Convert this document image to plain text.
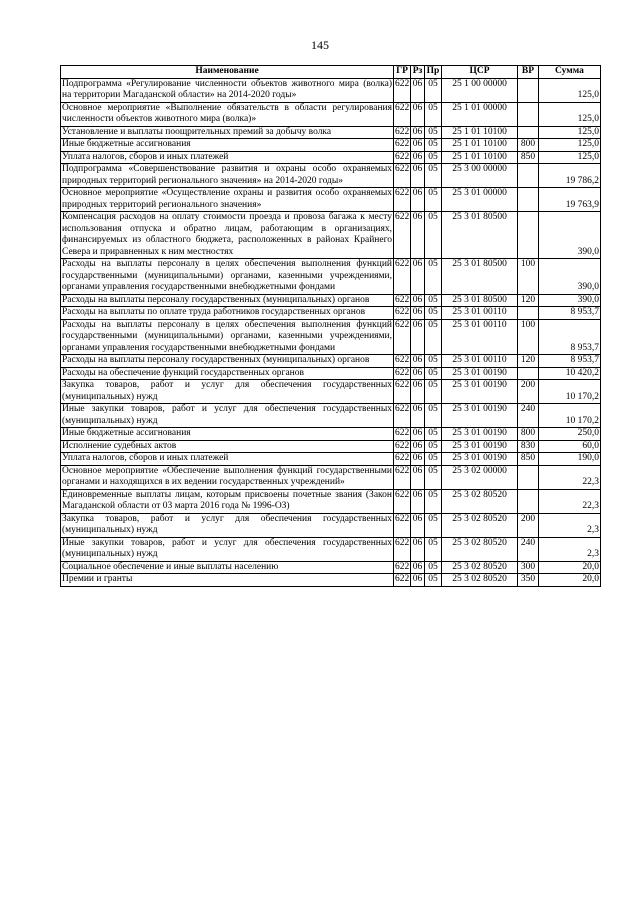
145
Наименование	ГР	Рз	Пр	ЦСР	ВР	Сумма
Подпрограмма «Регулирование численности объектов животного мира (волка) на территории Магаданской области» на 2014-2020 годы»	622	06	05	25 1 00 00000		125,0
Основное мероприятие «Выполнение обязательств в области регулирования численности объектов животного мира (волка)»	622	06	05	25 1 01 00000		125,0
Установление и выплаты поощрительных премий за добычу волка	622	06	05	25 1 01 10100		125,0
Иные бюджетные ассигнования	622	06	05	25 1 01 10100	800	125,0
Уплата налогов, сборов и иных платежей	622	06	05	25 1 01 10100	850	125,0
Подпрограмма «Совершенствование развития и охраны особо охраняемых природных территорий регионального значения» на 2014-2020 годы»	622	06	05	25 3 00 00000		19 786,2
Основное мероприятие «Осуществление охраны и развития особо охраняемых природных территорий регионального значения»	622	06	05	25 3 01 00000		19 763,9
Компенсация расходов на оплату стоимости проезда и провоза багажа к месту использования отпуска и обратно лицам, работающим в организациях, финансируемых из областного бюджета, расположенных в районах Крайнего Севера и приравненных к ним местностях	622	06	05	25 3 01 80500		390,0
Расходы на выплаты персоналу в целях обеспечения выполнения функций государственными (муниципальными) органами, казенными учреждениями, органами управления государственными внебюджетными фондами	622	06	05	25 3 01 80500	100	390,0
Расходы на выплаты персоналу государственных (муниципальных) органов	622	06	05	25 3 01 80500	120	390,0
Расходы на выплаты по оплате труда работников государственных органов	622	06	05	25 3 01 00110		8 953,7
Расходы на выплаты персоналу в целях обеспечения выполнения функций государственными (муниципальными) органами, казенными учреждениями, органами управления государственными внебюджетными фондами	622	06	05	25 3 01 00110	100	8 953,7
Расходы на выплаты персоналу государственных (муниципальных) органов	622	06	05	25 3 01 00110	120	8 953,7
Расходы на обеспечение функций государственных органов	622	06	05	25 3 01 00190		10 420,2
Закупка товаров, работ и услуг для обеспечения государственных (муниципальных) нужд	622	06	05	25 3 01 00190	200	10 170,2
Иные закупки товаров, работ и услуг для обеспечения государственных (муниципальных) нужд	622	06	05	25 3 01 00190	240	10 170,2
Иные бюджетные ассигнования	622	06	05	25 3 01 00190	800	250,0
Исполнение судебных актов	622	06	05	25 3 01 00190	830	60,0
Уплата налогов, сборов и иных платежей	622	06	05	25 3 01 00190	850	190,0
Основное мероприятие «Обеспечение выполнения функций государственными органами и находящихся в их ведении государственных учреждений»	622	06	05	25 3 02 00000		22,3
Единовременные выплаты лицам, которым присвоены почетные звания (Закон Магаданской области от 03 марта 2016 года № 1996-ОЗ)	622	06	05	25 3 02 80520		22,3
Закупка товаров, работ и услуг для обеспечения государственных (муниципальных) нужд	622	06	05	25 3 02 80520	200	2,3
Иные закупки товаров, работ и услуг для обеспечения государственных (муниципальных) нужд	622	06	05	25 3 02 80520	240	2,3
Социальное обеспечение и иные выплаты населению	622	06	05	25 3 02 80520	300	20,0
Премии и гранты	622	06	05	25 3 02 80520	350	20,0
